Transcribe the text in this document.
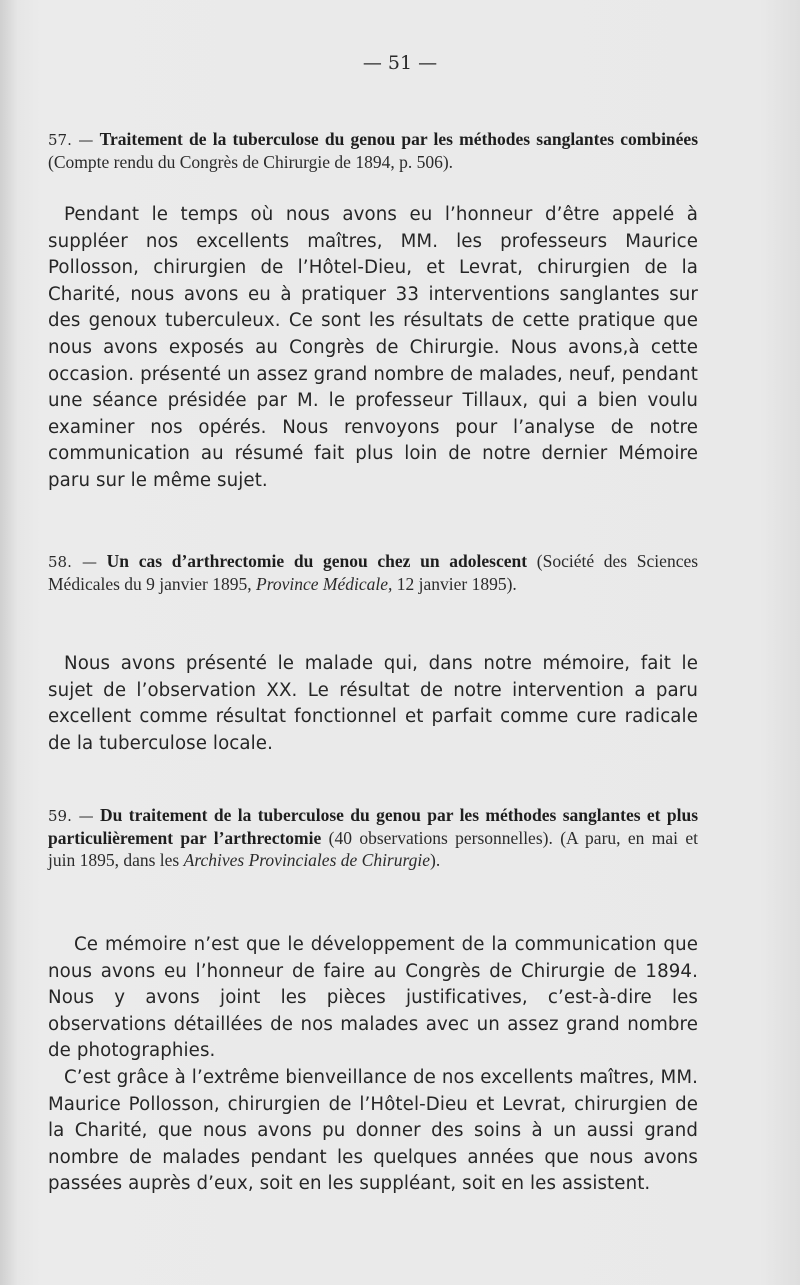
— 51 —
57. — Traitement de la tuberculose du genou par les méthodes sanglantes combinées (Compte rendu du Congrès de Chirurgie de 1894, p. 506).

Pendant le temps où nous avons eu l’honneur d’être appelé à suppléer nos excellents maîtres, MM. les professeurs Maurice Pollosson, chirurgien de l’Hôtel-Dieu, et Levrat, chirurgien de la Charité, nous avons eu à pratiquer 33 interventions sanglantes sur des genoux tuberculeux. Ce sont les résultats de cette pratique que nous avons exposés au Congrès de Chirurgie. Nous avons,à cette occasion. présenté un assez grand nombre de malades, neuf, pendant une séance présidée par M. le professeur Tillaux, qui a bien voulu examiner nos opérés. Nous renvoyons pour l’analyse de notre communication au résumé fait plus loin de notre dernier Mémoire paru sur le même sujet.

58. — Un cas d’arthrectomie du genou chez un adolescent (Société des Sciences Médicales du 9 janvier 1895, Province Médicale, 12 janvier 1895).

Nous avons présenté le malade qui, dans notre mémoire, fait le sujet de l’observation XX. Le résultat de notre intervention a paru excellent comme résultat fonctionnel et parfait comme cure radicale de la tuberculose locale.

59. — Du traitement de la tuberculose du genou par les méthodes sanglantes et plus particulièrement par l’arthrectomie (40 observations personnelles). (A paru, en mai et juin 1895, dans les Archives Provinciales de Chirurgie).

Ce mémoire n’est que le développement de la communication que nous avons eu l’honneur de faire au Congrès de Chirurgie de 1894. Nous y avons joint les pièces justificatives, c’est-à-dire les observations détaillées de nos malades avec un assez grand nombre de photographies.

C’est grâce à l’extrême bienveillance de nos excellents maîtres, MM. Maurice Pollosson, chirurgien de l’Hôtel-Dieu et Levrat, chirurgien de la Charité, que nous avons pu donner des soins à un aussi grand nombre de malades pendant les quelques années que nous avons passées auprès d’eux, soit en les suppléant, soit en les assistent.
